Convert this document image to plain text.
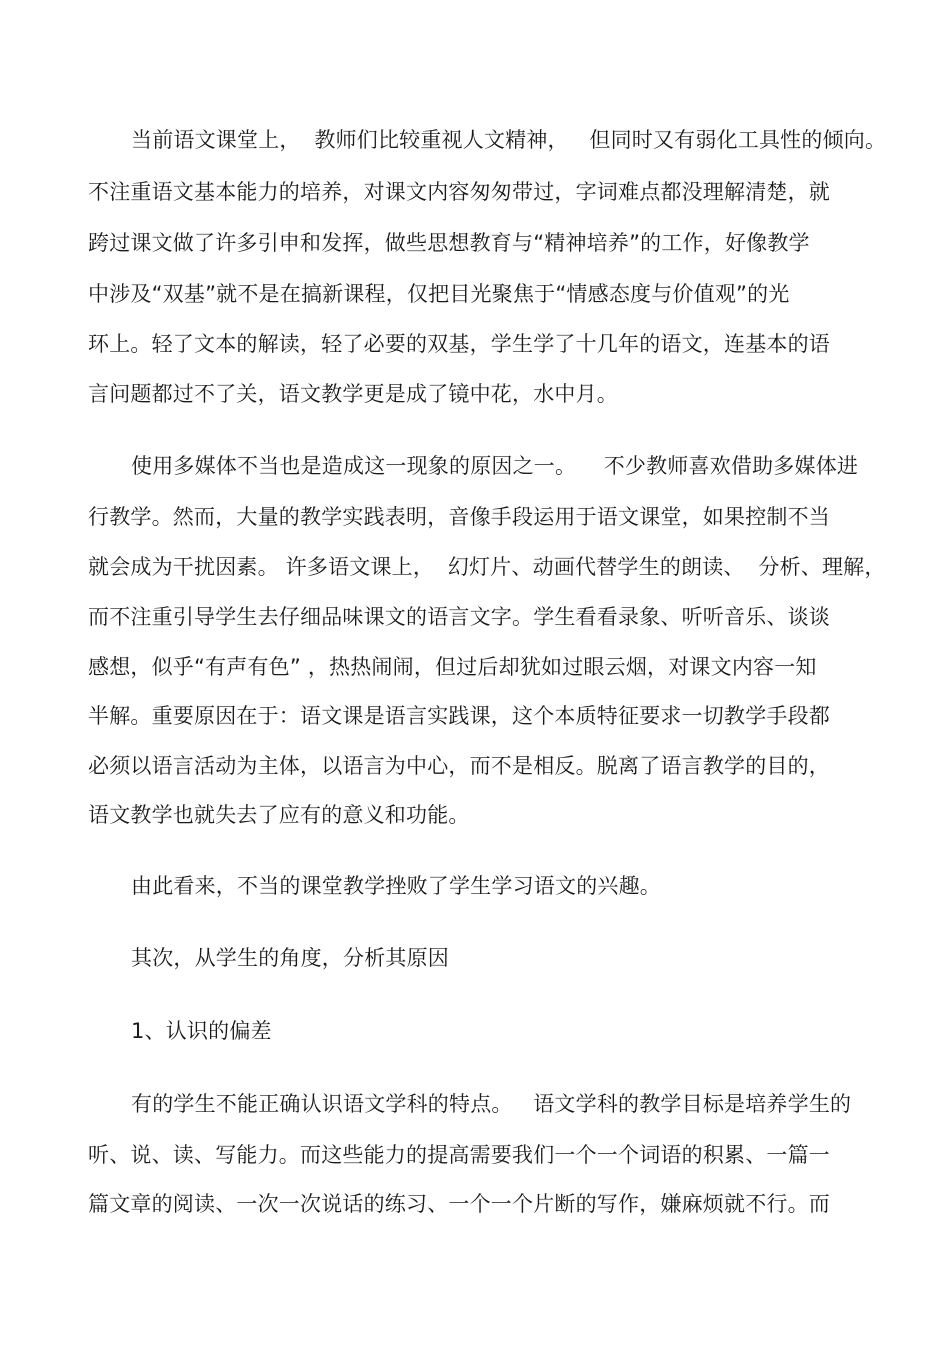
当前语文课堂上，  教师们比较重视人文精神，   但同时又有弱化工具性的倾向。
不注重语文基本能力的培养，对课文内容匆匆带过，字词难点都没理解清楚，就
跨过课文做了许多引申和发挥，做些思想教育与“精神培养”的工作，好像教学
中涉及“双基”就不是在搞新课程，仅把目光聚焦于“情感态度与价值观”的光
环上。轻了文本的解读，轻了必要的双基，学生学了十几年的语文，连基本的语
言问题都过不了关，语文教学更是成了镜中花，水中月。
使用多媒体不当也是造成这一现象的原因之一。    不少教师喜欢借助多媒体进
行教学。然而，大量的教学实践表明，音像手段运用于语文课堂，如果控制不当
就会成为干扰因素。 许多语文课上，  幻灯片、动画代替学生的朗读、  分析、理解，
而不注重引导学生去仔细品味课文的语言文字。学生看看录象、听听音乐、谈谈
感想，似乎“有声有色” ，热热闹闹，但过后却犹如过眼云烟，对课文内容一知
半解。重要原因在于：语文课是语言实践课，这个本质特征要求一切教学手段都
必须以语言活动为主体，以语言为中心，而不是相反。脱离了语言教学的目的，
语文教学也就失去了应有的意义和功能。
由此看来，不当的课堂教学挫败了学生学习语文的兴趣。
其次，从学生的角度，分析其原因
1、认识的偏差
有的学生不能正确认识语文学科的特点。   语文学科的教学目标是培养学生的
听、说、读、写能力。而这些能力的提高需要我们一个一个词语的积累、一篇一
篇文章的阅读、一次一次说话的练习、一个一个片断的写作，嫌麻烦就不行。而
